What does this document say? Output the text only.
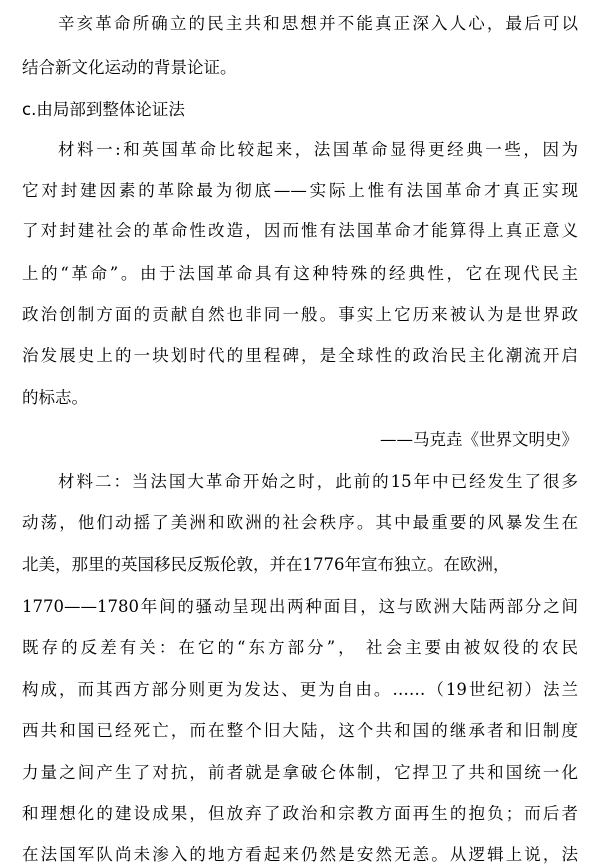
辛亥革命所确立的民主共和思想并不能真正深入人心，最后可以
结合新文化运动的背景论证。
c.由局部到整体论证法
材料一:和英国革命比较起来，法国革命显得更经典一些，因为
它对封建因素的革除最为彻底——实际上惟有法国革命才真正实现
了对封建社会的革命性改造，因而惟有法国革命才能算得上真正意义
上的“革命”。由于法国革命具有这种特殊的经典性，它在现代民主
政治创制方面的贡献自然也非同一般。事实上它历来被认为是世界政
治发展史上的一块划时代的里程碑，是全球性的政治民主化潮流开启
的标志。
——马克垚《世界文明史》
材料二：当法国大革命开始之时，此前的15年中已经发生了很多
动荡，他们动摇了美洲和欧洲的社会秩序。其中最重要的风暴发生在
北美，那里的英国移民反叛伦敦，并在1776年宣布独立。在欧洲，
1770——1780年间的骚动呈现出两种面目，这与欧洲大陆两部分之间
既存的反差有关：在它的“东方部分”， 社会主要由被奴役的农民
构成，而其西方部分则更为发达、更为自由。……（19世纪初）法兰
西共和国已经死亡，而在整个旧大陆，这个共和国的继承者和旧制度
力量之间产生了对抗，前者就是拿破仑体制，它捍卫了共和国统一化
和理想化的建设成果，但放弃了政治和宗教方面再生的抱负；而后者
在法国军队尚未渗入的地方看起来仍然是安然无恙。从逻辑上说，法
